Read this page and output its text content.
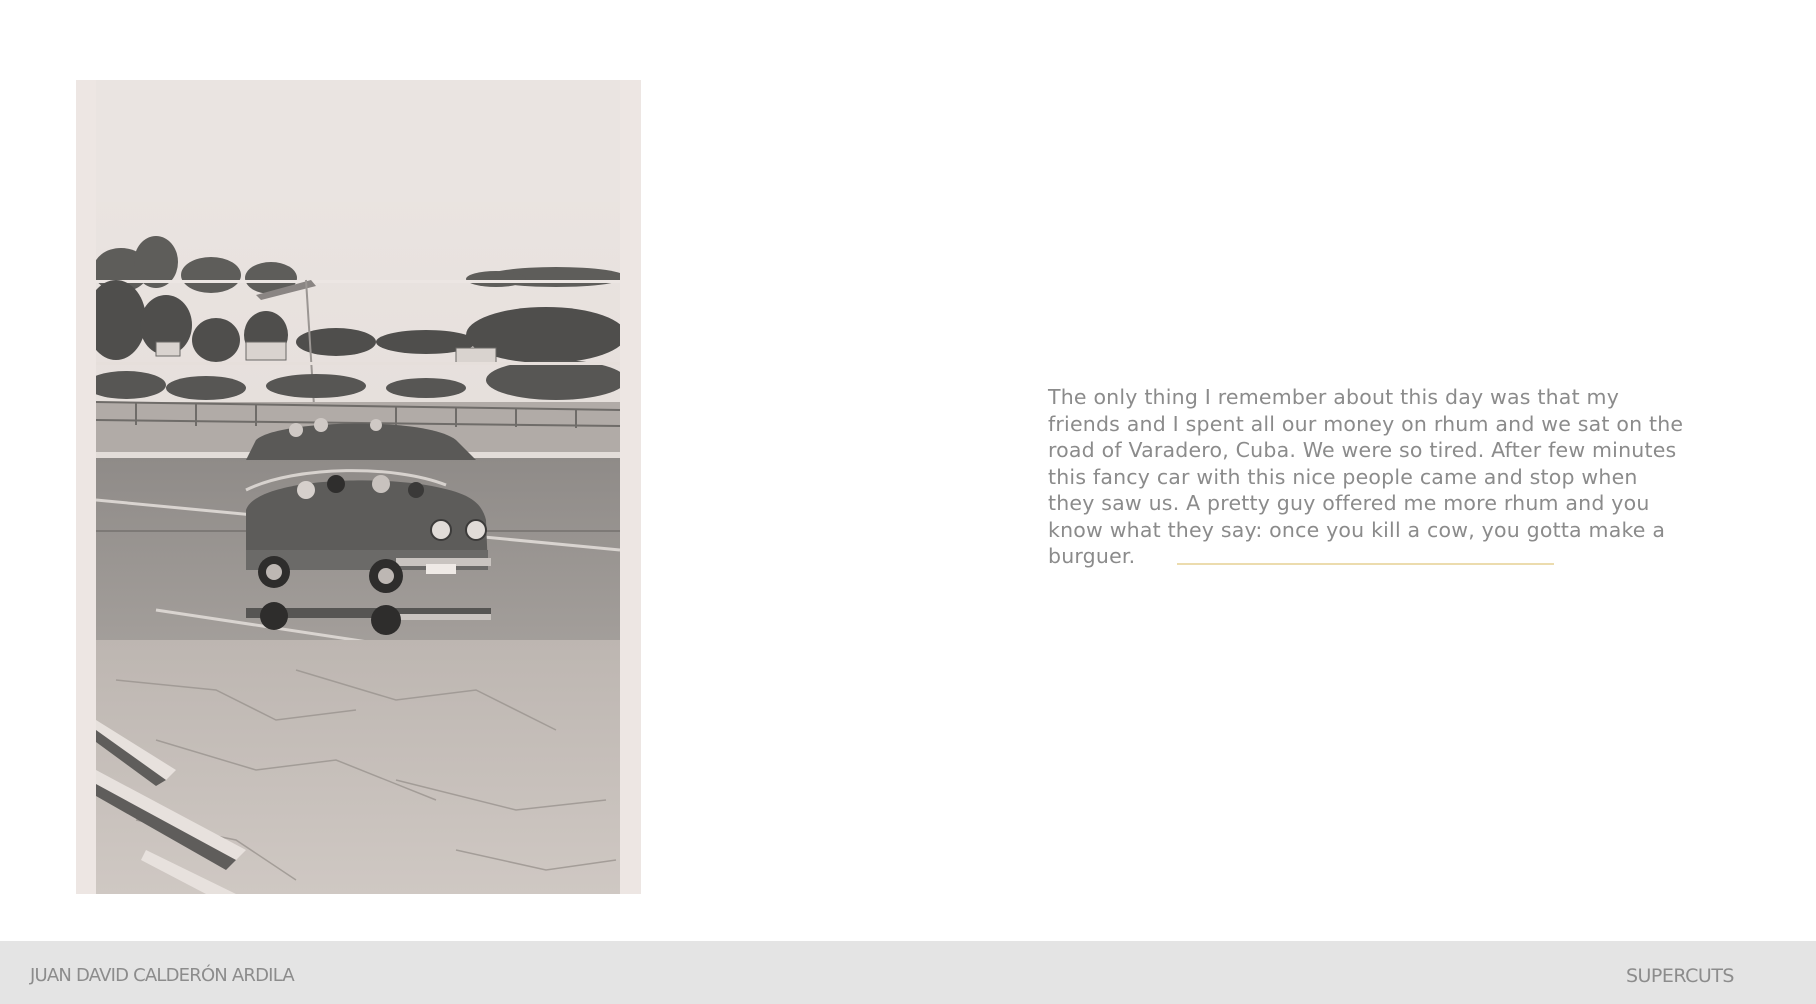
The only thing I remember about this day was that my friends and I spent all our money on rhum and we sat on the road of Varadero, Cuba. We were so tired. After few minutes this fancy car with this nice people came and stop when they saw us. A pretty guy offered me more rhum and you know what they say: once you kill a cow, you gotta make a burguer.

JUAN DAVID CALDERÓN ARDILA	SUPERCUTS
